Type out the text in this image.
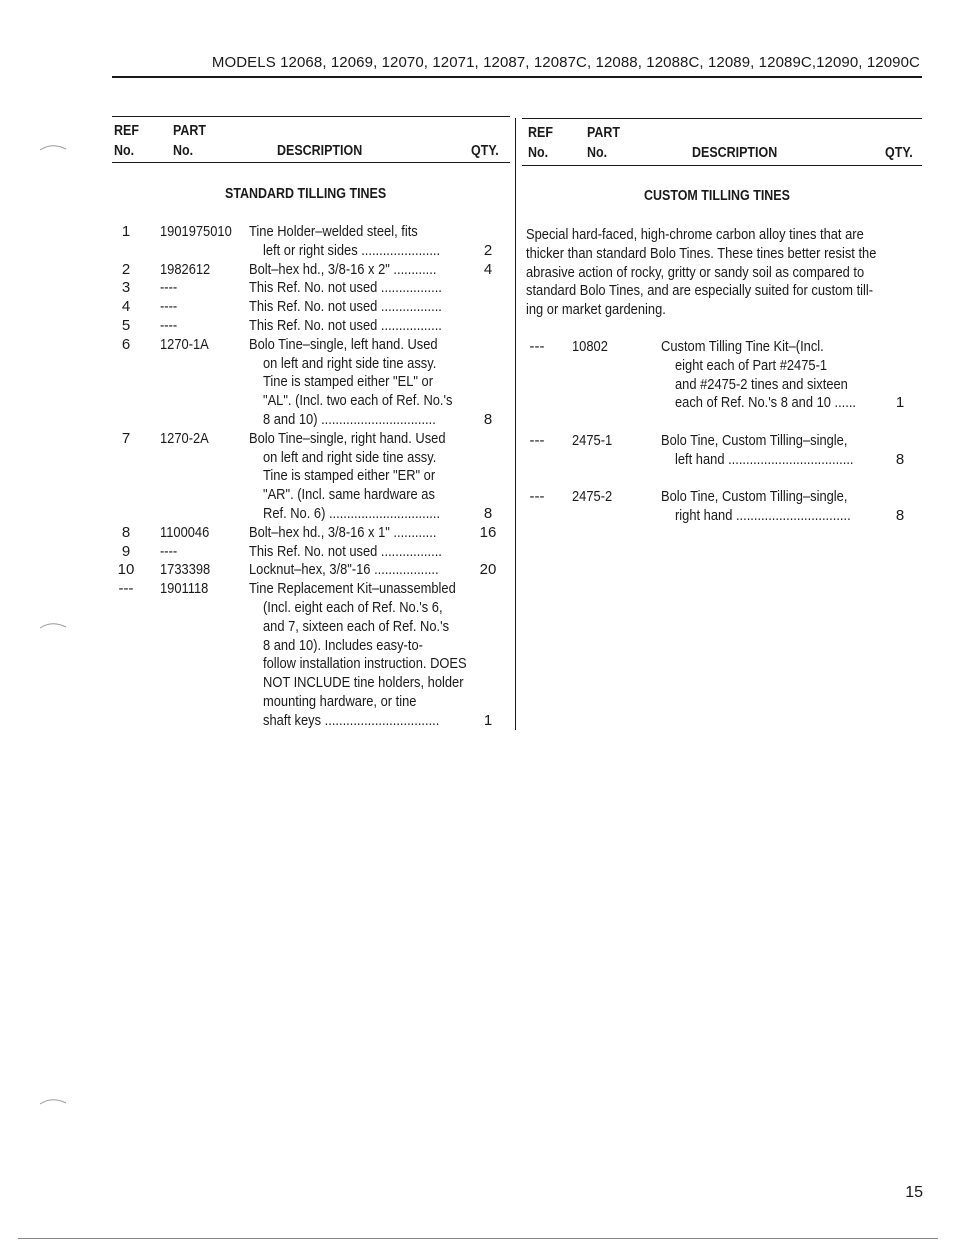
MODELS 12068, 12069, 12070, 12071, 12087, 12087C, 12088, 12088C, 12089, 12089C,12090, 12090C
REF
No.
PART
No.	DESCRIPTION	QTY.
STANDARD TILLING TINES
REF
No.
PART
No.	DESCRIPTION	QTY.
CUSTOM TILLING TINES
Special hard-faced, high-chrome carbon alloy tines that are
thicker than standard Bolo Tines. These tines better resist the
abrasive action of rocky, gritty or sandy soil as compared to
standard Bolo Tines, and are especially suited for custom till-
ing or market gardening.
1	1901975010 Tine Holder–welded steel, fits
left or right sides ......................	2
2	1982612	Bolt–hex hd., 3/8-16 x 2" ............	4
3	----	This Ref. No. not used .................
4	----	This Ref. No. not used .................
5	----	This Ref. No. not used .................
6	1270-1A	Bolo Tine–single, left hand. Used
on left and right side tine assy.
Tine is stamped either "EL" or
"AL". (Incl. two each of Ref. No.'s
8 and 10) ................................	8
7	1270-2A	Bolo Tine–single, right hand. Used
on left and right side tine assy.
Tine is stamped either "ER" or
"AR". (Incl. same hardware as
Ref. No. 6) ...............................	8
8	1100046	Bolt–hex hd., 3/8-16 x 1" ............	16
9	----	This Ref. No. not used .................
10	1733398	Locknut–hex, 3/8"-16 ..................	20
---	1901118	Tine Replacement Kit–unassembled
(Incl. eight each of Ref. No.'s 6,
and 7, sixteen each of Ref. No.'s
8 and 10). Includes easy-to-
follow installation instruction. DOES
NOT INCLUDE tine holders, holder
mounting hardware, or tine
shaft keys ................................	1
---	10802	Custom Tilling Tine Kit–(Incl.
eight each of Part #2475-1
and #2475-2 tines and sixteen
each of Ref. No.'s 8 and 10 ......	1
---	2475-1	Bolo Tine, Custom Tilling–single,
left hand ...................................	8
---	2475-2	Bolo Tine, Custom Tilling–single,
right hand ................................	8
15
